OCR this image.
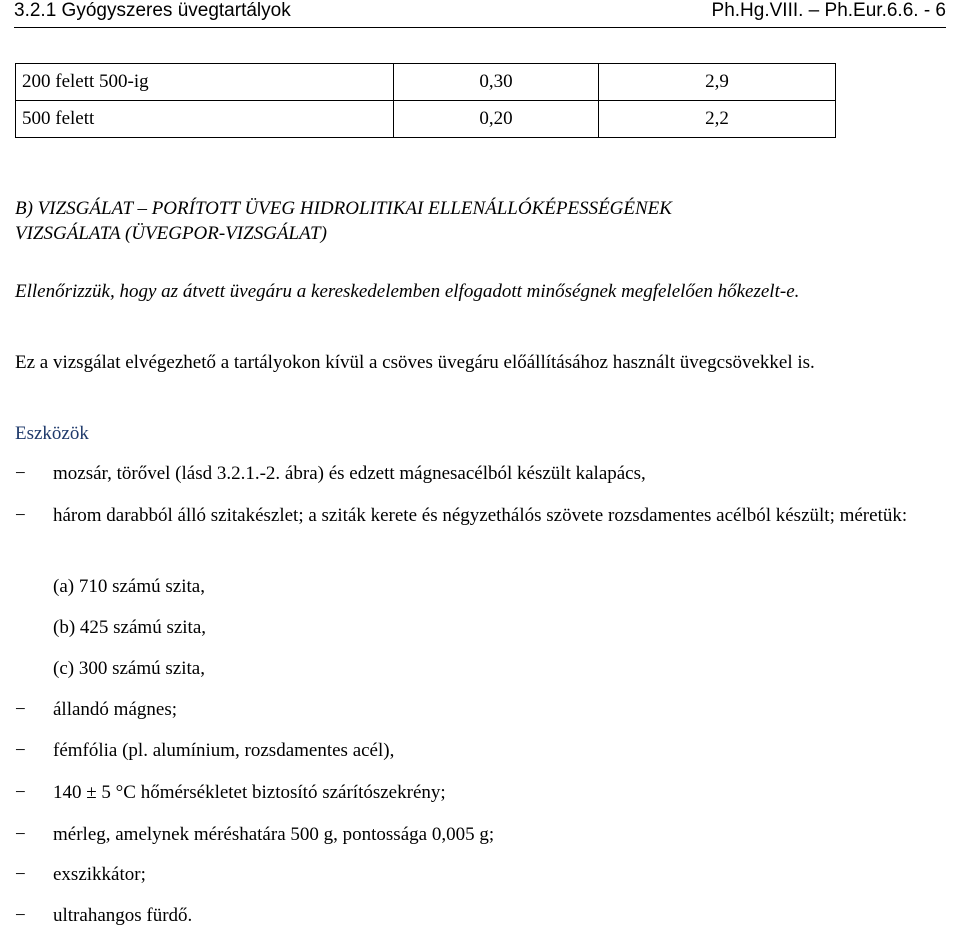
3.2.1 Gyógyszeres üvegtartályok	Ph.Hg.VIII. – Ph.Eur.6.6. - 6
200 felett 500-ig	0,30	2,9
500 felett	0,20	2,2
B) VIZSGÁLAT – PORÍTOTT ÜVEG HIDROLITIKAI ELLENÁLLÓKÉPESSÉGÉNEK
VIZSGÁLATA (ÜVEGPOR-VIZSGÁLAT)
Ellenőrizzük, hogy az átvett üvegáru a kereskedelemben elfogadott minőségnek megfelelően hőkezelt-e.
Ez a vizsgálat elvégezhető a tartályokon kívül a csöves üvegáru előállításához használt üvegcsövekkel is.
Eszközök
−	mozsár, törővel (lásd 3.2.1.-2. ábra) és edzett mágnesacélból készült kalapács,
−	három darabból álló szitakészlet; a sziták kerete és négyzethálós szövete rozsdamentes acélból készült; méretük:
(a) 710 számú szita,
(b) 425 számú szita,
(c) 300 számú szita,
−	állandó mágnes;
−	fémfólia (pl. alumínium, rozsdamentes acél),
−	140 ± 5 °C hőmérsékletet biztosító szárítószekrény;
−	mérleg, amelynek méréshatára 500 g, pontossága 0,005 g;
−	exszikkátor;
−	ultrahangos fürdő.
